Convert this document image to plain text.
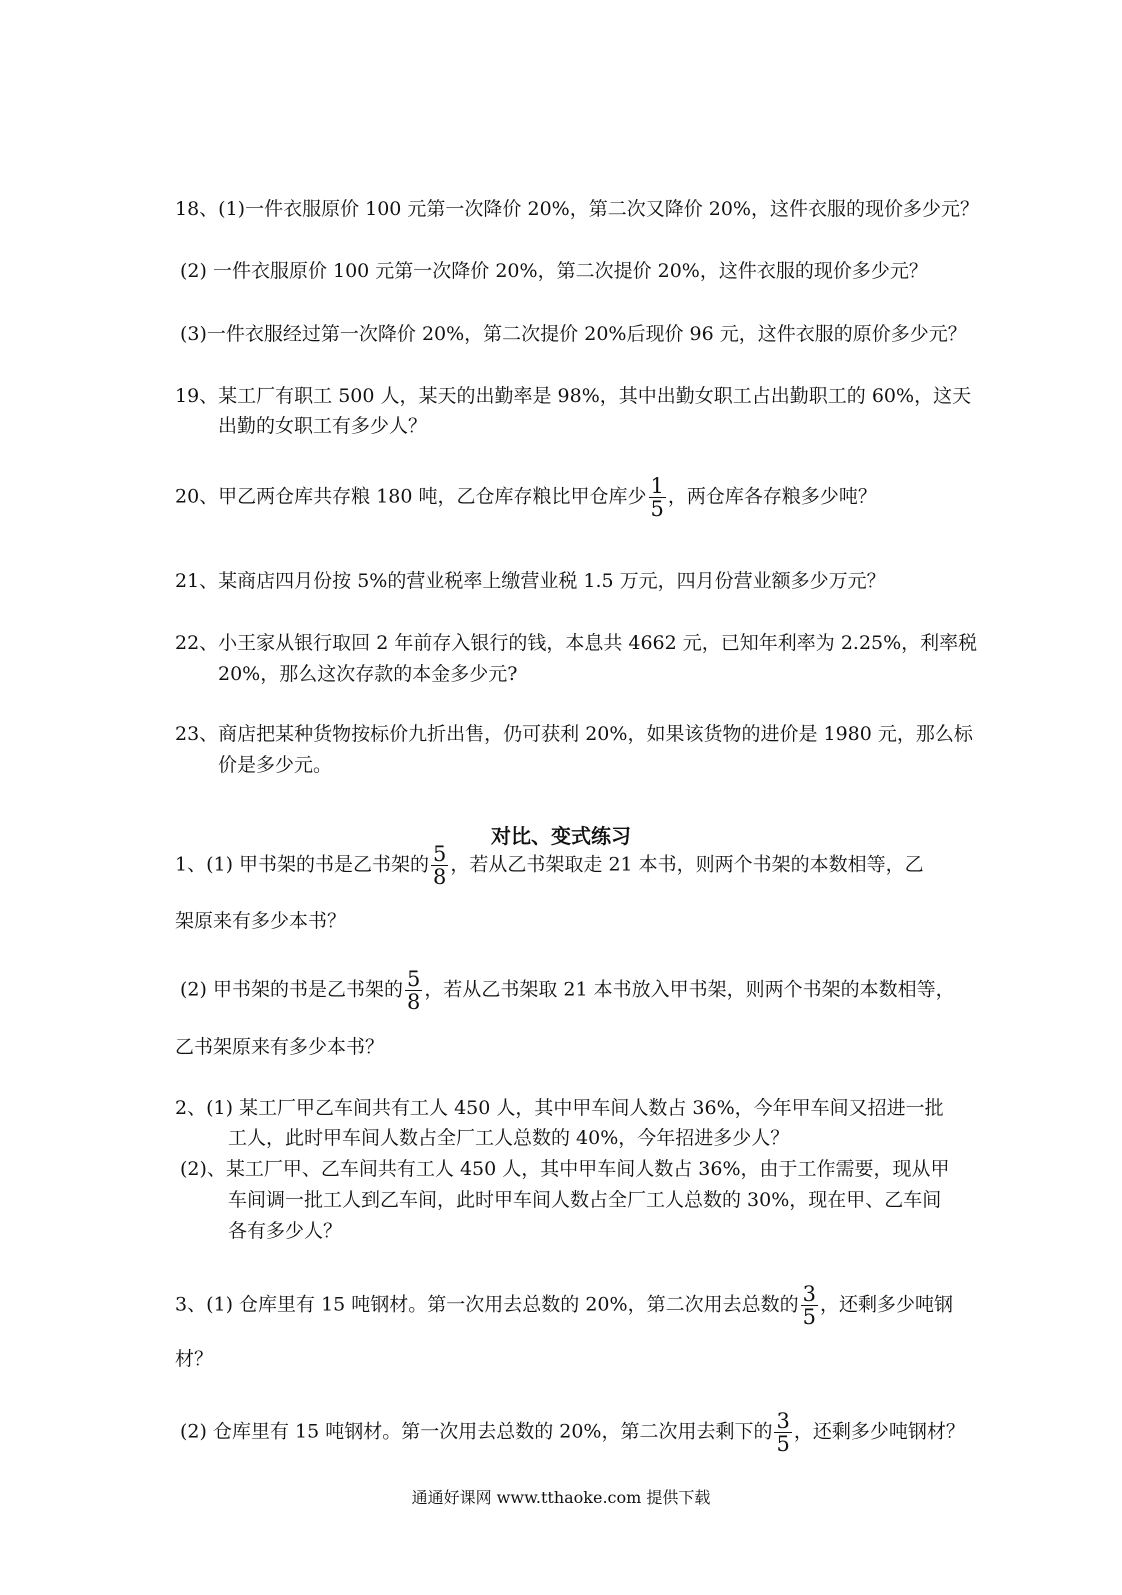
18、(1)一件衣服原价 100 元第一次降价 20%，第二次又降价 20%，这件衣服的现价多少元？
(2) 一件衣服原价 100 元第一次降价 20%，第二次提价 20%，这件衣服的现价多少元？
(3)一件衣服经过第一次降价 20%，第二次提价 20%后现价 96 元，这件衣服的原价多少元？
19、某工厂有职工 500 人，某天的出勤率是 98%，其中出勤女职工占出勤职工的 60%，这天
出勤的女职工有多少人？
20、甲乙两仓库共存粮 180 吨，乙仓库存粮比甲仓库少 $\frac{1}{5}$ ，两仓库各存粮多少吨？
21、某商店四月份按 5%的营业税率上缴营业税 1.5 万元，四月份营业额多少万元？
22、小王家从银行取回 2 年前存入银行的钱，本息共 4662 元，已知年利率为 2.25%，利率税
20%，那么这次存款的本金多少元?
23、商店把某种货物按标价九折出售，仍可获利 20%，如果该货物的进价是 1980 元，那么标
价是多少元。
对比、变式练习
1、(1) 甲书架的书是乙书架的 $\frac{5}{8}$ ，若从乙书架取走 21 本书，则两个书架的本数相等，乙
架原来有多少本书？
(2) 甲书架的书是乙书架的 $\frac{5}{8}$ ，若从乙书架取 21 本书放入甲书架，则两个书架的本数相等，
乙书架原来有多少本书？
2、(1) 某工厂甲乙车间共有工人 450 人，其中甲车间人数占 36%，今年甲车间又招进一批
工人，此时甲车间人数占全厂工人总数的 40%，今年招进多少人？
(2)、某工厂甲、乙车间共有工人 450 人，其中甲车间人数占 36%，由于工作需要，现从甲
车间调一批工人到乙车间，此时甲车间人数占全厂工人总数的 30%，现在甲、乙车间
各有多少人？
3、(1) 仓库里有 15 吨钢材。第一次用去总数的 20%，第二次用去总数的 $\frac{3}{5}$ ，还剩多少吨钢
材？
(2) 仓库里有 15 吨钢材。第一次用去总数的 20%，第二次用去剩下的 $\frac{3}{5}$ ，还剩多少吨钢材？
通通好课网 www.tthaoke.com 提供下载
